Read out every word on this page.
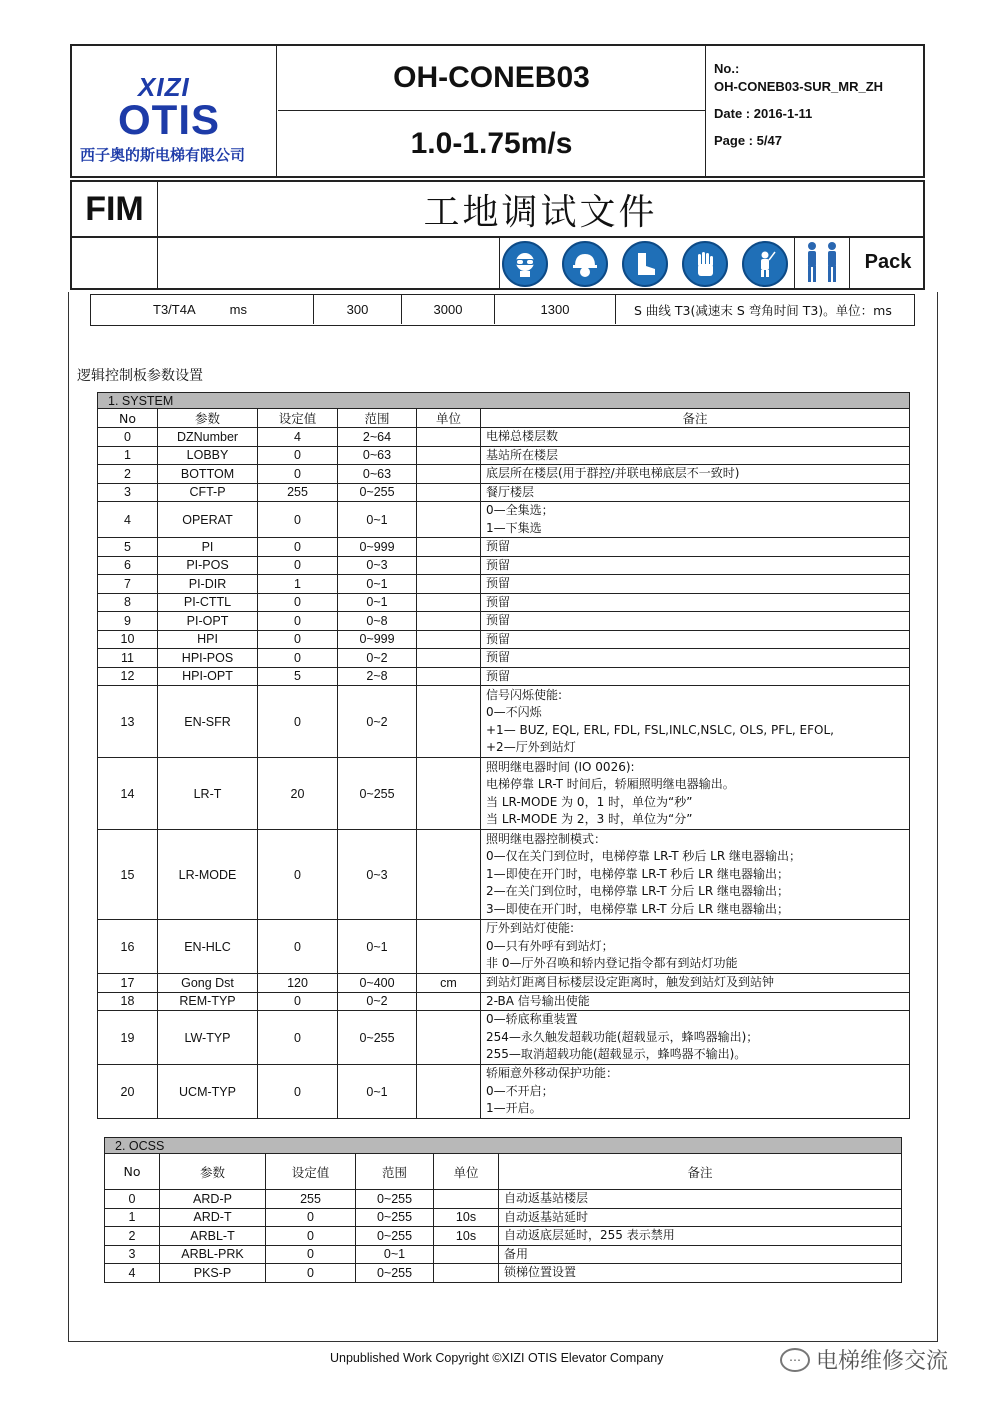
XIZI
OTIS
西子奥的斯电梯有限公司
OH-CONEB03
1.0-1.75m/s
No.:
OH-CONEB03-SUR_MR_ZH
Date : 2016-1-11
Page : 5/47
FIM	工地调试文件
Pack
T3/T4A	ms	300	3000	1300	S 曲线 T3(减速末 S 弯角时间 T3)。单位：ms
逻辑控制板参数设置
1. SYSTEM					
No	参数	设定值	范围	单位	备注
0	DZNumber	4	2~64		电梯总楼层数

1	LOBBY	0	0~63		基站所在楼层

2	BOTTOM	0	0~63		底层所在楼层(用于群控/并联电梯底层不一致时)

3	CFT-P	255	0~255		餐厅楼层

4	OPERAT	0	0~1		0—全集选；
1—下集选

5	PI	0	0~999		预留

6	PI-POS	0	0~3		预留

7	PI-DIR	1	0~1		预留

8	PI-CTTL	0	0~1		预留

9	PI-OPT	0	0~8		预留

10	HPI	0	0~999		预留

11	HPI-POS	0	0~2		预留

12	HPI-OPT	5	2~8		预留

13	EN-SFR	0	0~2		信号闪烁使能:
0—不闪烁
+1— BUZ, EQL, ERL, FDL, FSL,INLC,NSLC, OLS, PFL, EFOL,
+2—厅外到站灯

14	LR-T	20	0~255		照明继电器时间 (IO 0026):
电梯停靠 LR-T 时间后，轿厢照明继电器输出。
当 LR-MODE 为 0，1 时，单位为“秒”
当 LR-MODE 为 2，3 时，单位为“分”

15	LR-MODE	0	0~3		照明继电器控制模式：
0—仅在关门到位时，电梯停靠 LR-T 秒后 LR 继电器输出；
1—即使在开门时，电梯停靠 LR-T 秒后 LR 继电器输出；
2—在关门到位时，电梯停靠 LR-T 分后 LR 继电器输出；
3—即使在开门时，电梯停靠 LR-T 分后 LR 继电器输出；

16	EN-HLC	0	0~1		厅外到站灯使能:
0—只有外呼有到站灯；
非 0—厅外召唤和轿内登记指令都有到站灯功能

17	Gong Dst	120	0~400	cm	到站灯距离目标楼层设定距离时，触发到站灯及到站钟

18	REM-TYP	0	0~2		2-BA 信号输出使能

19	LW-TYP	0	0~255		0—轿底称重装置
254—永久触发超载功能(超载显示，蜂鸣器输出)；
255—取消超载功能(超载显示，蜂鸣器不输出)。

20	UCM-TYP	0	0~1		轿厢意外移动保护功能：
0—不开启；
1—开启。
2. OCSS					
No	参数	设定值	范围	单位	备注
0	ARD-P	255	0~255		自动返基站楼层
1	ARD-T	0	0~255	10s	自动返基站延时
2	ARBL-T	0	0~255	10s	自动返底层延时，255 表示禁用
3	ARBL-PRK	0	0~1		备用
4	PKS-P	0	0~255		锁梯位置设置
Unpublished Work Copyright ©XIZI OTIS Elevator Company	⋯ 电梯维修交流
